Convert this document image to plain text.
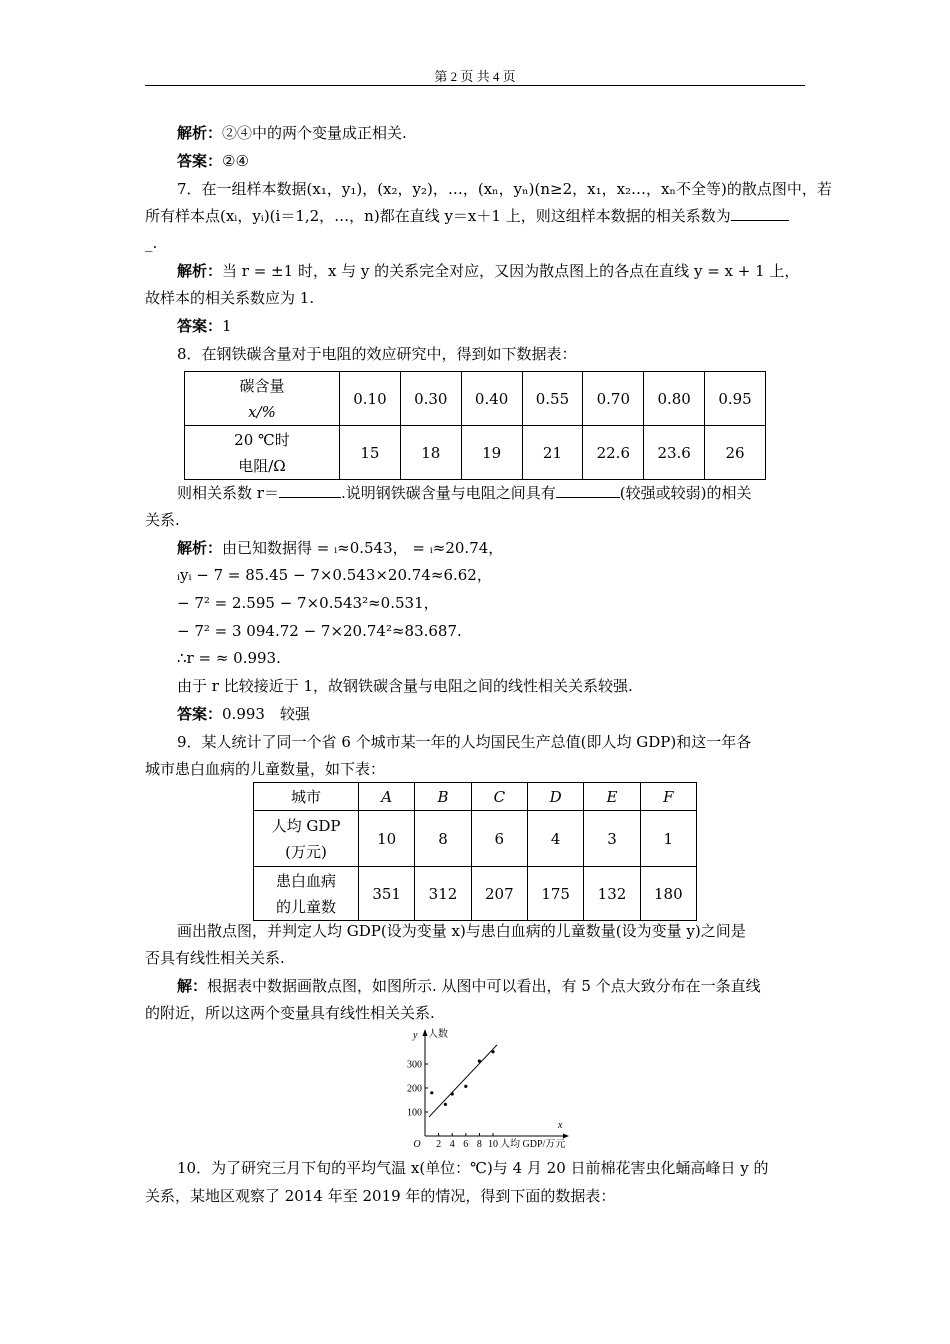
第 2 页 共 4 页
解析：②④中的两个变量成正相关.
答案：②④
7．在一组样本数据(x₁，y₁)，(x₂，y₂)，…，(xₙ，yₙ)(n≥2，x₁，x₂…，xₙ不全等)的散点图中，若
所有样本点(xᵢ，yᵢ)(i＝1,2，…，n)都在直线 y＝x＋1 上，则这组样本数据的相关系数为
_.
解析：当 r = ±1 时，x 与 y 的关系完全对应，又因为散点图上的各点在直线 y = x + 1 上，
故样本的相关系数应为 1.
答案：1
8．在钢铁碳含量对于电阻的效应研究中，得到如下数据表：
碳含量
x/%	0.10	0.30	0.40	0.55	0.70	0.80	0.95
20 ℃时
电阻/Ω	15	18	19	21	22.6	23.6	26
则相关系数 r＝	.说明钢铁碳含量与电阻之间具有	(较强或较弱)的相关
关系.
解析：由已知数据得 = ᵢ≈0.543， = ᵢ≈20.74，
ᵢyᵢ − 7 = 85.45 − 7×0.543×20.74≈6.62，
− 7² = 2.595 − 7×0.543²≈0.531，
− 7² = 3 094.72 − 7×20.74²≈83.687.
∴r = ≈ 0.993.
由于 r 比较接近于 1，故钢铁碳含量与电阻之间的线性相关关系较强.
答案：0.993　较强
9．某人统计了同一个省 6 个城市某一年的人均国民生产总值(即人均 GDP)和这一年各
城市患白血病的儿童数量，如下表：
城市	A	B	C	D	E	F
人均 GDP
(万元)	10	8	6	4	3	1
患白血病
的儿童数	351	312	207	175	132	180
画出散点图，并判定人均 GDP(设为变量 x)与患白血病的儿童数量(设为变量 y)之间是
否具有线性相关关系.
解：根据表中数据画散点图，如图所示. 从图中可以看出，有 5 个点大致分布在一条直线
的附近，所以这两个变量具有线性相关关系.
2 4 6 8 10
100
200
300
O
y 人数
x
人均 GDP/万元
10．为了研究三月下旬的平均气温 x(单位：℃)与 4 月 20 日前棉花害虫化蛹高峰日 y 的
关系，某地区观察了 2014 年至 2019 年的情况，得到下面的数据表：
